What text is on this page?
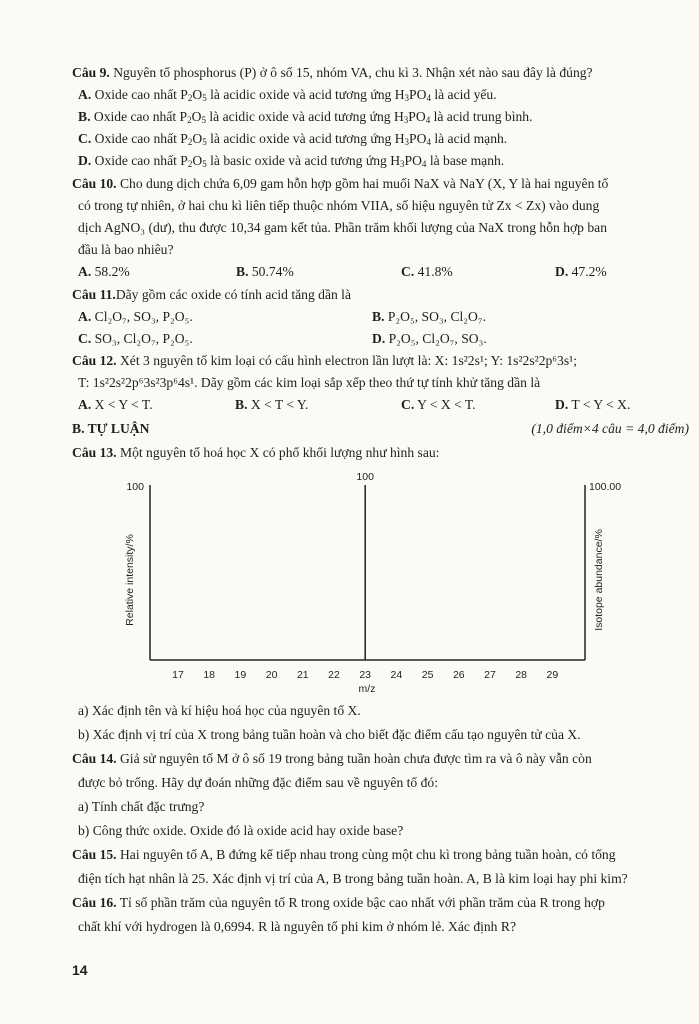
Câu 9. Nguyên tố phosphorus (P) ở ô số 15, nhóm VA, chu kì 3. Nhận xét nào sau đây là đúng?
A. Oxide cao nhất $P_2O_5$ là acidic oxide và acid tương ứng $H_3PO_4$ là acid yếu.
B. Oxide cao nhất $P_2O_5$ là acidic oxide và acid tương ứng $H_3PO_4$ là acid trung bình.
C. Oxide cao nhất $P_2O_5$ là acidic oxide và acid tương ứng $H_3PO_4$ là acid mạnh.
D. Oxide cao nhất $P_2O_5$ là basic oxide và acid tương ứng $H_3PO_4$ là base mạnh.
Câu 10. Cho dung dịch chứa 6,09 gam hỗn hợp gồm hai muối NaX và NaY (X, Y là hai nguyên tố
có trong tự nhiên, ở hai chu kì liên tiếp thuộc nhóm VIIA, số hiệu nguyên tử Zx < Zx) vào dung
dịch AgNO₃ (dư), thu được 10,34 gam kết tủa. Phần trăm khối lượng của NaX trong hỗn hợp ban
đầu là bao nhiêu?
A. 58.2%	B. 50.74%	C. 41.8%	D. 47.2%
Câu 11.Dãy gồm các oxide có tính acid tăng dần là
A. Cl₂O₇, SO₃, P₂O₅.	B. P₂O₅, SO₃, Cl₂O₇.
C. SO₃, Cl₂O₇, P₂O₅.	D. P₂O₅, Cl₂O₇, SO₃.
Câu 12. Xét 3 nguyên tố kim loại có cấu hình electron lần lượt là: X: 1s²2s¹; Y: 1s²2s²2p⁶3s¹;
T: 1s²2s²2p⁶3s²3p⁶4s¹. Dãy gồm các kim loại sắp xếp theo thứ tự tính khử tăng dần là
A. X < Y < T.	B. X < T < Y.	C. Y < X < T.	D. T < Y < X.
B. TỰ LUẬN	(1,0 điểm×4 câu = 4,0 điểm)
Câu 13. Một nguyên tố hoá học X có phổ khối lượng như hình sau:
100
17 18 19 20 21 22 23 24 25 26 27 28 29
100	100.00
Relative intensity/%	Isotope abundance/%
m/z
a) Xác định tên và kí hiệu hoá học của nguyên tố X.
b) Xác định vị trí của X trong bảng tuần hoàn và cho biết đặc điểm cấu tạo nguyên tử của X.
Câu 14. Giả sử nguyên tố M ở ô số 19 trong bảng tuần hoàn chưa được tìm ra và ô này vẫn còn
được bỏ trống. Hãy dự đoán những đặc điểm sau về nguyên tố đó:
a) Tính chất đặc trưng?
b) Công thức oxide. Oxide đó là oxide acid hay oxide base?
Câu 15. Hai nguyên tố A, B đứng kế tiếp nhau trong cùng một chu kì trong bảng tuần hoàn, có tổng
điện tích hạt nhân là 25. Xác định vị trí của A, B trong bảng tuần hoàn. A, B là kim loại hay phi kim?
Câu 16. Tỉ số phần trăm của nguyên tố R trong oxide bậc cao nhất với phần trăm của R trong hợp
chất khí với hydrogen là 0,6994. R là nguyên tố phi kim ở nhóm lẻ. Xác định R?
14
